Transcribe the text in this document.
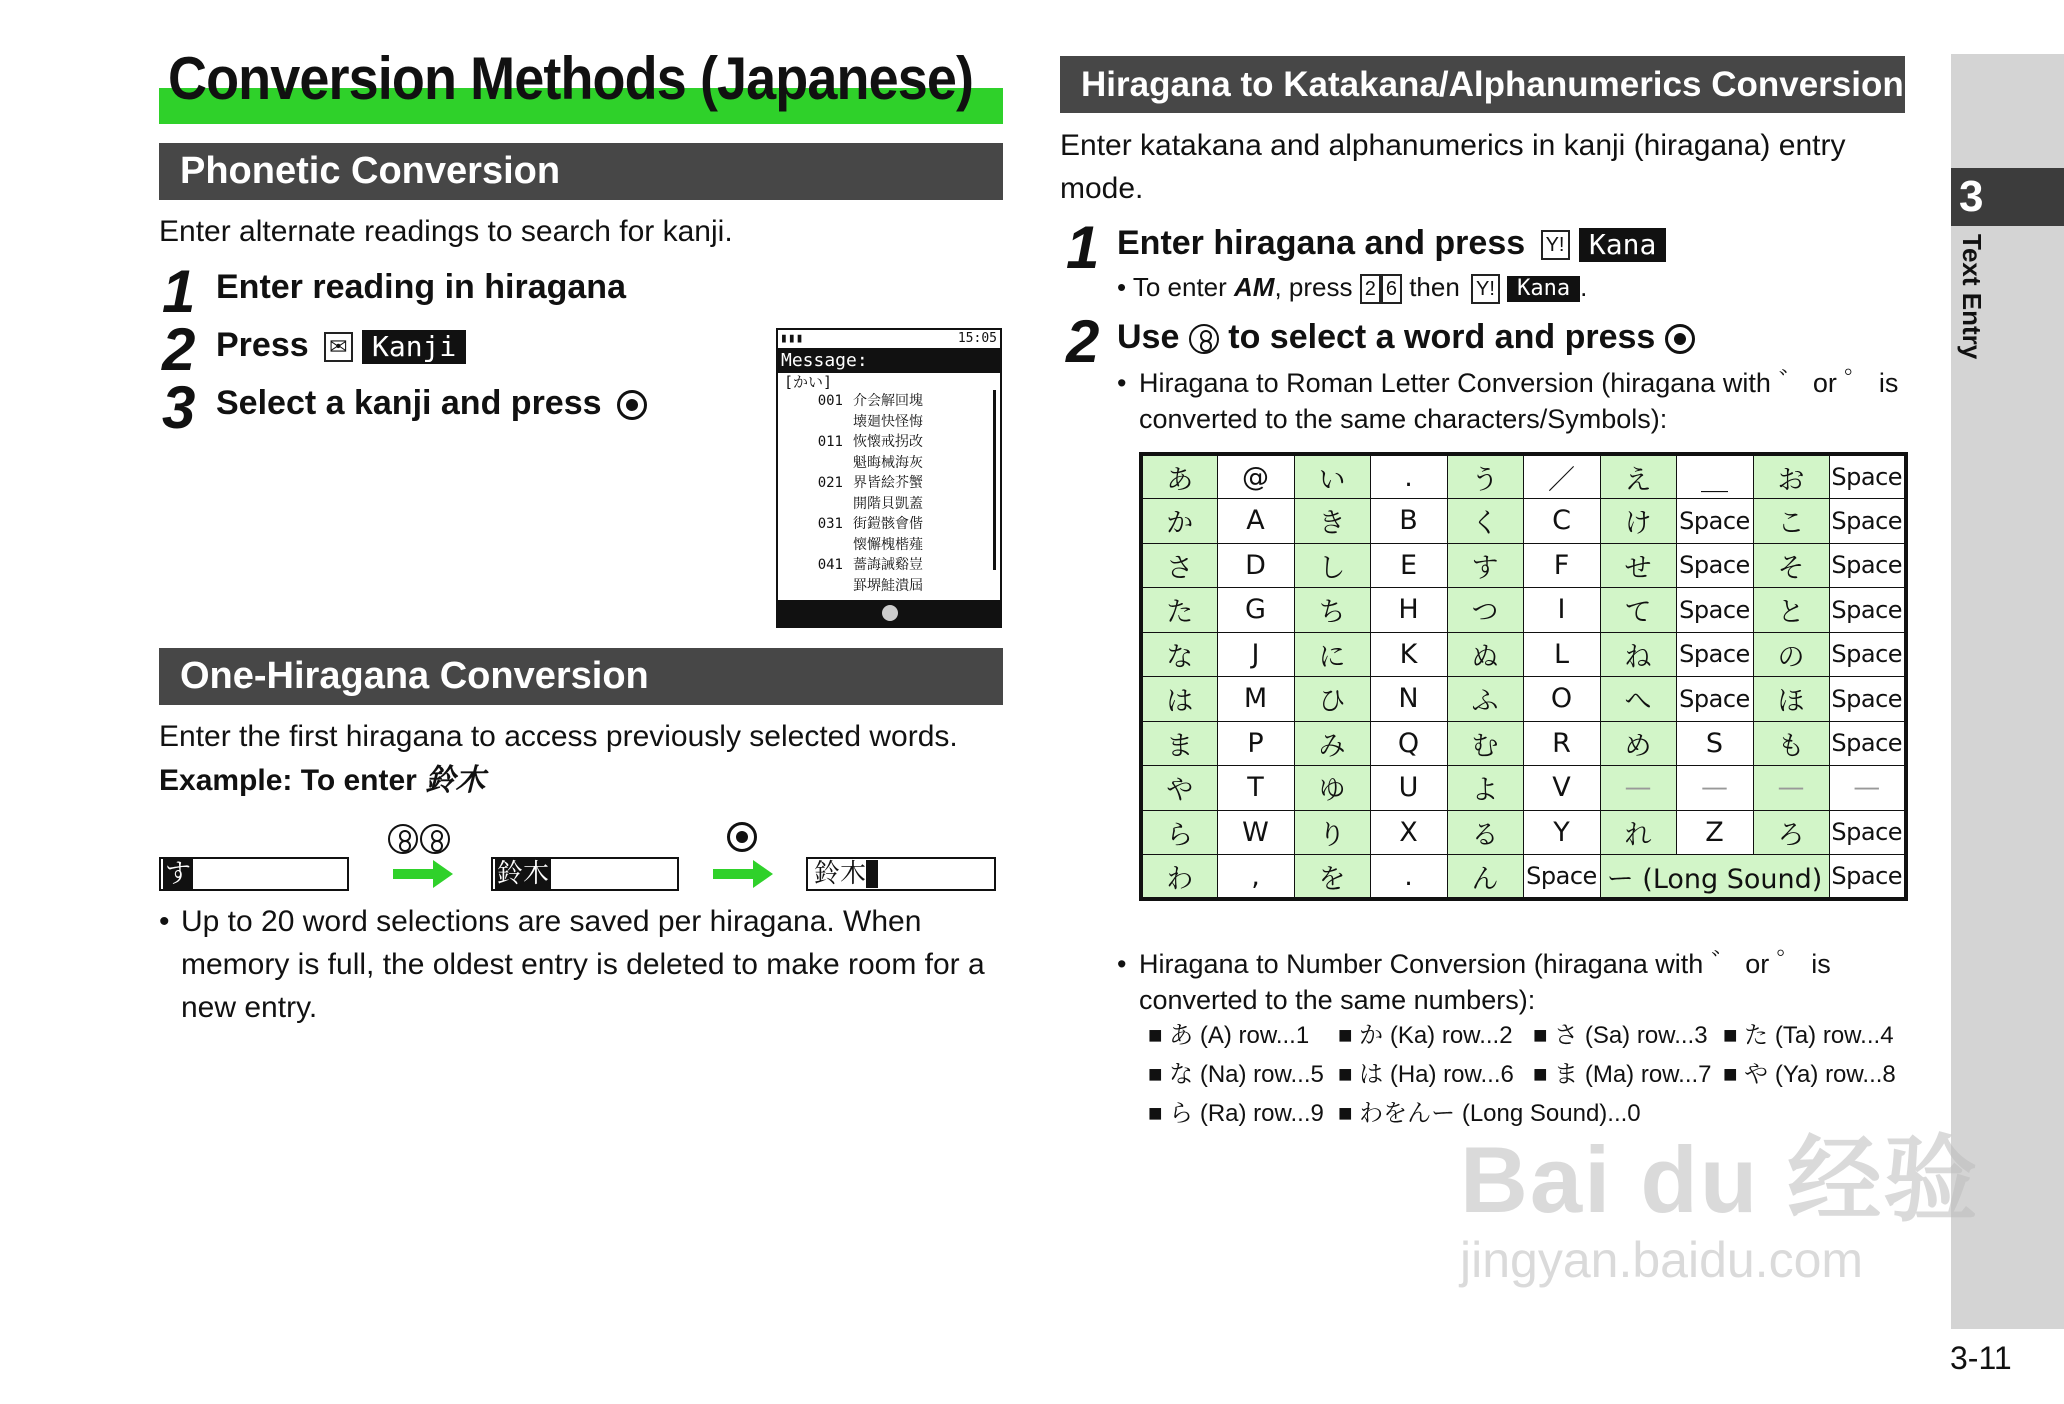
Conversion Methods (Japanese)
Phonetic Conversion
Enter alternate readings to search for kanji.
1 Enter reading in hiragana
2 Press ✉ Kanji
3 Select a kanji and press
▮▮▮	15:05
Message:
[かい]
001 介会解回塊
壊廻快怪悔
011 恢懐戒拐改
魁晦械海灰
021 界皆絵芥蟹
開階貝凱蓋
031 街鎧骸會偕
懐懈槐楷薤
041 薔誨誡谿豈
罫堺鮭潰屆
One-Hiragana Conversion
Enter the first hiragana to access previously selected words.
Example: To enter 鈴木
す	鈴木	鈴木
• Up to 20 word selections are saved per hiragana. When memory is full, the oldest entry is deleted to make room for a new entry.
Hiragana to Katakana/Alphanumerics Conversion
Enter katakana and alphanumerics in kanji (hiragana) entry mode.
1 Enter hiragana and press Y! Kana
• To enter AM, press 2 6 then Y! Kana .
2 Use  to select a word and press
• Hiragana to Roman Letter Conversion (hiragana with ゛ or ゜ is converted to the same characters/Symbols):
あ	@	い	.	う	／	え	＿	お	Space
か	A	き	B	く	C	け	Space	こ	Space
さ	D	し	E	す	F	せ	Space	そ	Space
た	G	ち	H	つ	I	て	Space	と	Space
な	J	に	K	ぬ	L	ね	Space	の	Space
は	M	ひ	N	ふ	O	へ	Space	ほ	Space
ま	P	み	Q	む	R	め	S	も	Space
や	T	ゆ	U	よ	V	—	—	—	—
ら	W	り	X	る	Y	れ	Z	ろ	Space
わ	,	を	.	ん	Space	ー (Long Sound)			Space
• Hiragana to Number Conversion (hiragana with ゛ or ゜ is converted to the same numbers):
■ あ (A) row...1 ■ か (Ka) row...2 ■ さ (Sa) row...3 ■ た (Ta) row...4
■ な (Na) row...5 ■ は (Ha) row...6 ■ ま (Ma) row...7 ■ や (Ya) row...8
■ ら (Ra) row...9 ■ わをんー (Long Sound)...0
3
Text Entry
3-11
Bai du 经验
jingyan.baidu.com
